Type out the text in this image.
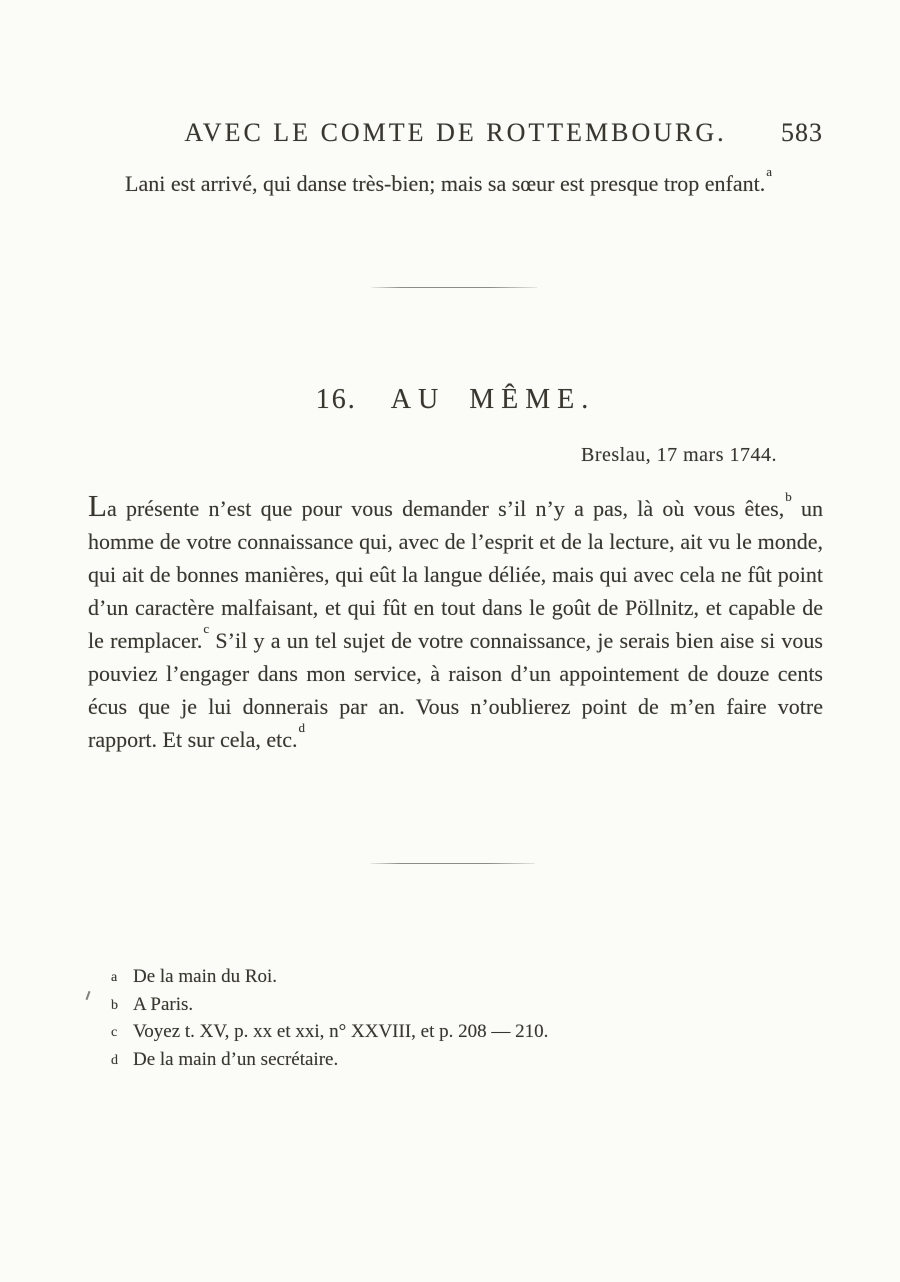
AVEC LE COMTE DE ROTTEMBOURG. 583

Lani est arrivé, qui danse très-bien; mais sa sœur est presque trop enfant.$^a$

16. AU MÊME.
Breslau, 17 mars 1744.

La présente n’est que pour vous demander s’il n’y a pas, là où vous êtes,$^b$ un homme de votre connaissance qui, avec de l’esprit et de la lecture, ait vu le monde, qui ait de bonnes manières, qui eût la langue déliée, mais qui avec cela ne fût point d’un caractère malfaisant, et qui fût en tout dans le goût de Pöllnitz, et capable de le remplacer.$^c$ S’il y a un tel sujet de votre connaissance, je serais bien aise si vous pouviez l’engager dans mon service, à raison d’un appointement de douze cents écus que je lui donnerais par an. Vous n’oublierez point de m’en faire votre rapport. Et sur cela, etc.$^d$

a De la main du Roi.
b A Paris.
c Voyez t. XV, p. xx et xxi, n° XXVIII, et p. 208 — 210.
d De la main d’un secrétaire.
